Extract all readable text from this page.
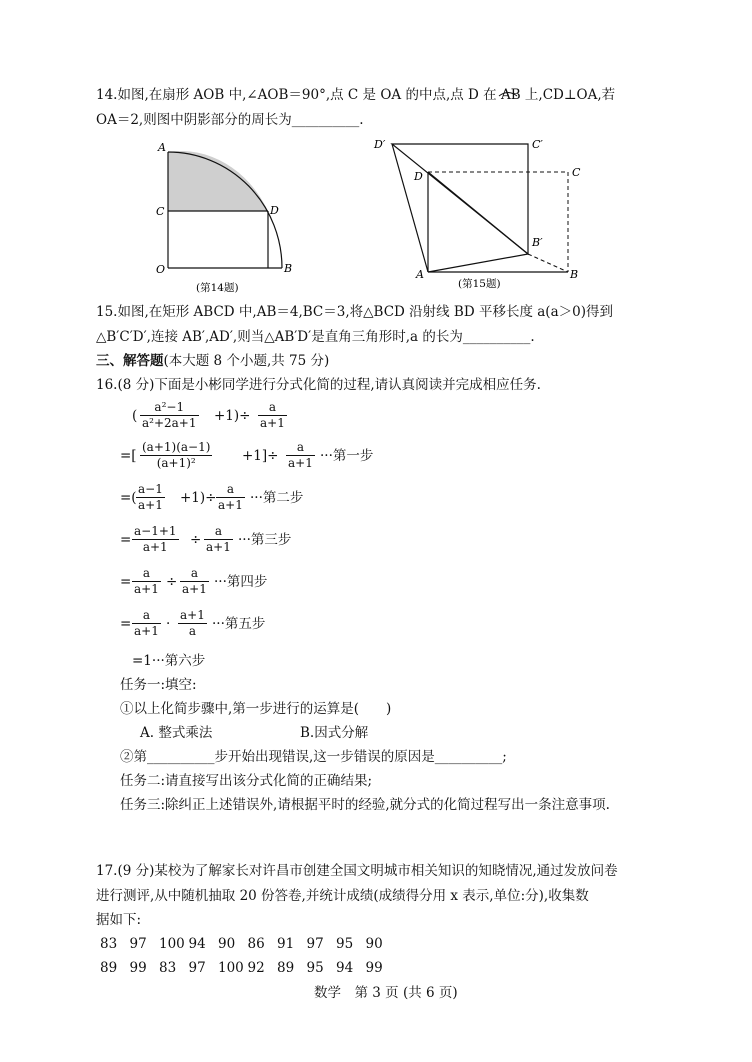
14.如图,在扇形 AOB 中,∠AOB＝90°,点 C 是 OA 的中点,点 D 在 AB 上,CD⊥OA,若
OA＝2,则图中阴影部分的周长为__________.
A
C
O
D
B
(第14题)
D′	C′
D	C
B′
A	B
(第15题)
15.如图,在矩形 ABCD 中,AB＝4,BC＝3,将△BCD 沿射线 BD 平移长度 a(a＞0)得到
△B′C′D′,连接 AB′,AD′,则当△AB′D′是直角三角形时,a 的长为__________.
三、解答题(本大题 8 个小题,共 75 分)
16.(8 分)下面是小彬同学进行分式化简的过程,请认真阅读并完成相应任务.
( $\frac{\text{a²−1}}{\text{a²+2a+1}} +1)\div \frac{a}{a+1}$
=[ $\frac{(a+1)(a-1)}{\text{(a+1)²}} +1]\div \frac{a}{a+1}$ ···第一步
=( $\frac{a-1}{a+1} +1)\div \frac{a}{a+1}$ ···第二步
= $\frac{a-1+1}{a+1} \div \frac{a}{a+1}$ ···第三步
= $\frac{a}{a+1} \div \frac{a}{a+1}$ ···第四步
= $\frac{a}{a+1} \cdot \frac{a+1}{a}$ ···第五步
=1···第六步
任务一:填空:
①以上化简步骤中,第一步进行的运算是(　　)
A. 整式乘法	B.因式分解
②第__________步开始出现错误,这一步错误的原因是__________;
任务二:请直接写出该分式化简的正确结果;
任务三:除纠正上述错误外,请根据平时的经验,就分式的化简过程写出一条注意事项.
17.(9 分)某校为了解家长对许昌市创建全国文明城市相关知识的知晓情况,通过发放问卷
进行测评,从中随机抽取 20 份答卷,并统计成绩(成绩得分用 x 表示,单位:分),收集数
据如下:
83 97 100 94 90 86 91 97 95 90
89 99 83 97 100 92 89 95 94 99
数学　第 3 页 (共 6 页)
